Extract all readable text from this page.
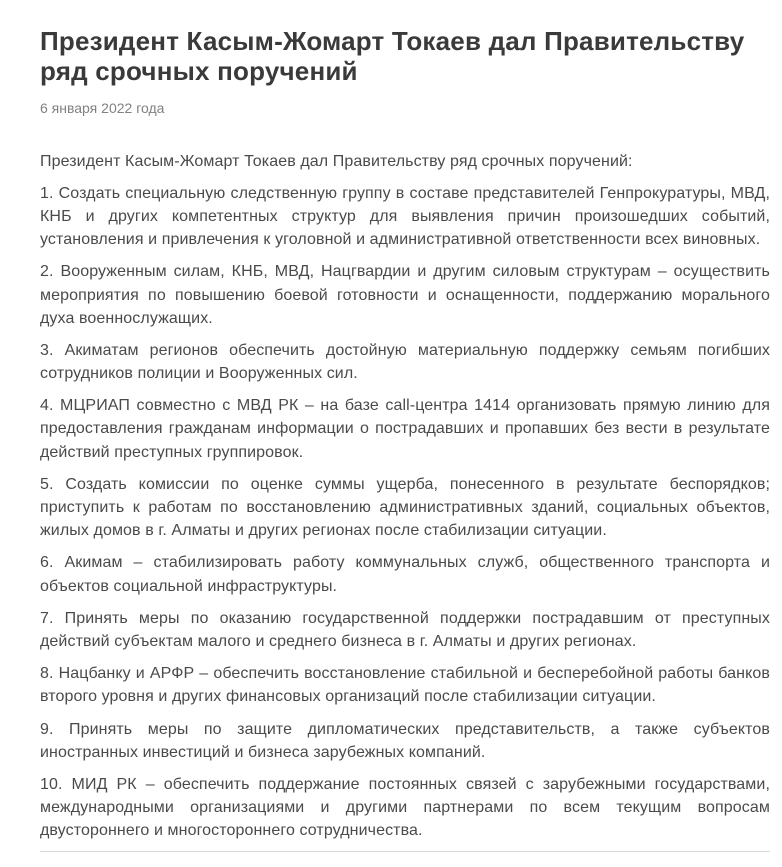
Президент Касым-Жомарт Токаев дал Правительству ряд срочных поручений
6 января 2022 года

Президент Касым-Жомарт Токаев дал Правительству ряд срочных поручений:

1. Создать специальную следственную группу в составе представителей Генпрокуратуры, МВД, КНБ и других компетентных структур для выявления причин произошедших событий, установления и привлечения к уголовной и административной ответственности всех виновных.

2. Вооруженным силам, КНБ, МВД, Нацгвардии и другим силовым структурам – осуществить мероприятия по повышению боевой готовности и оснащенности, поддержанию морального духа военнослужащих.

3. Акиматам регионов обеспечить достойную материальную поддержку семьям погибших сотрудников полиции и Вооруженных сил.

4. МЦРИАП совместно с МВД РК – на базе call-центра 1414 организовать прямую линию для предоставления гражданам информации о пострадавших и пропавших без вести в результате действий преступных группировок.

5. Создать комиссии по оценке суммы ущерба, понесенного в результате беспорядков; приступить к работам по восстановлению административных зданий, социальных объектов, жилых домов в г. Алматы и других регионах после стабилизации ситуации.

6. Акимам – стабилизировать работу коммунальных служб, общественного транспорта и объектов социальной инфраструктуры.

7. Принять меры по оказанию государственной поддержки пострадавшим от преступных действий субъектам малого и среднего бизнеса в г. Алматы и других регионах.

8. Нацбанку и АРФР – обеспечить восстановление стабильной и бесперебойной работы банков второго уровня и других финансовых организаций после стабилизации ситуации.

9. Принять меры по защите дипломатических представительств, а также субъектов иностранных инвестиций и бизнеса зарубежных компаний.

10. МИД РК – обеспечить поддержание постоянных связей с зарубежными государствами, международными организациями и другими партнерами по всем текущим вопросам двустороннего и многостороннего сотрудничества.
